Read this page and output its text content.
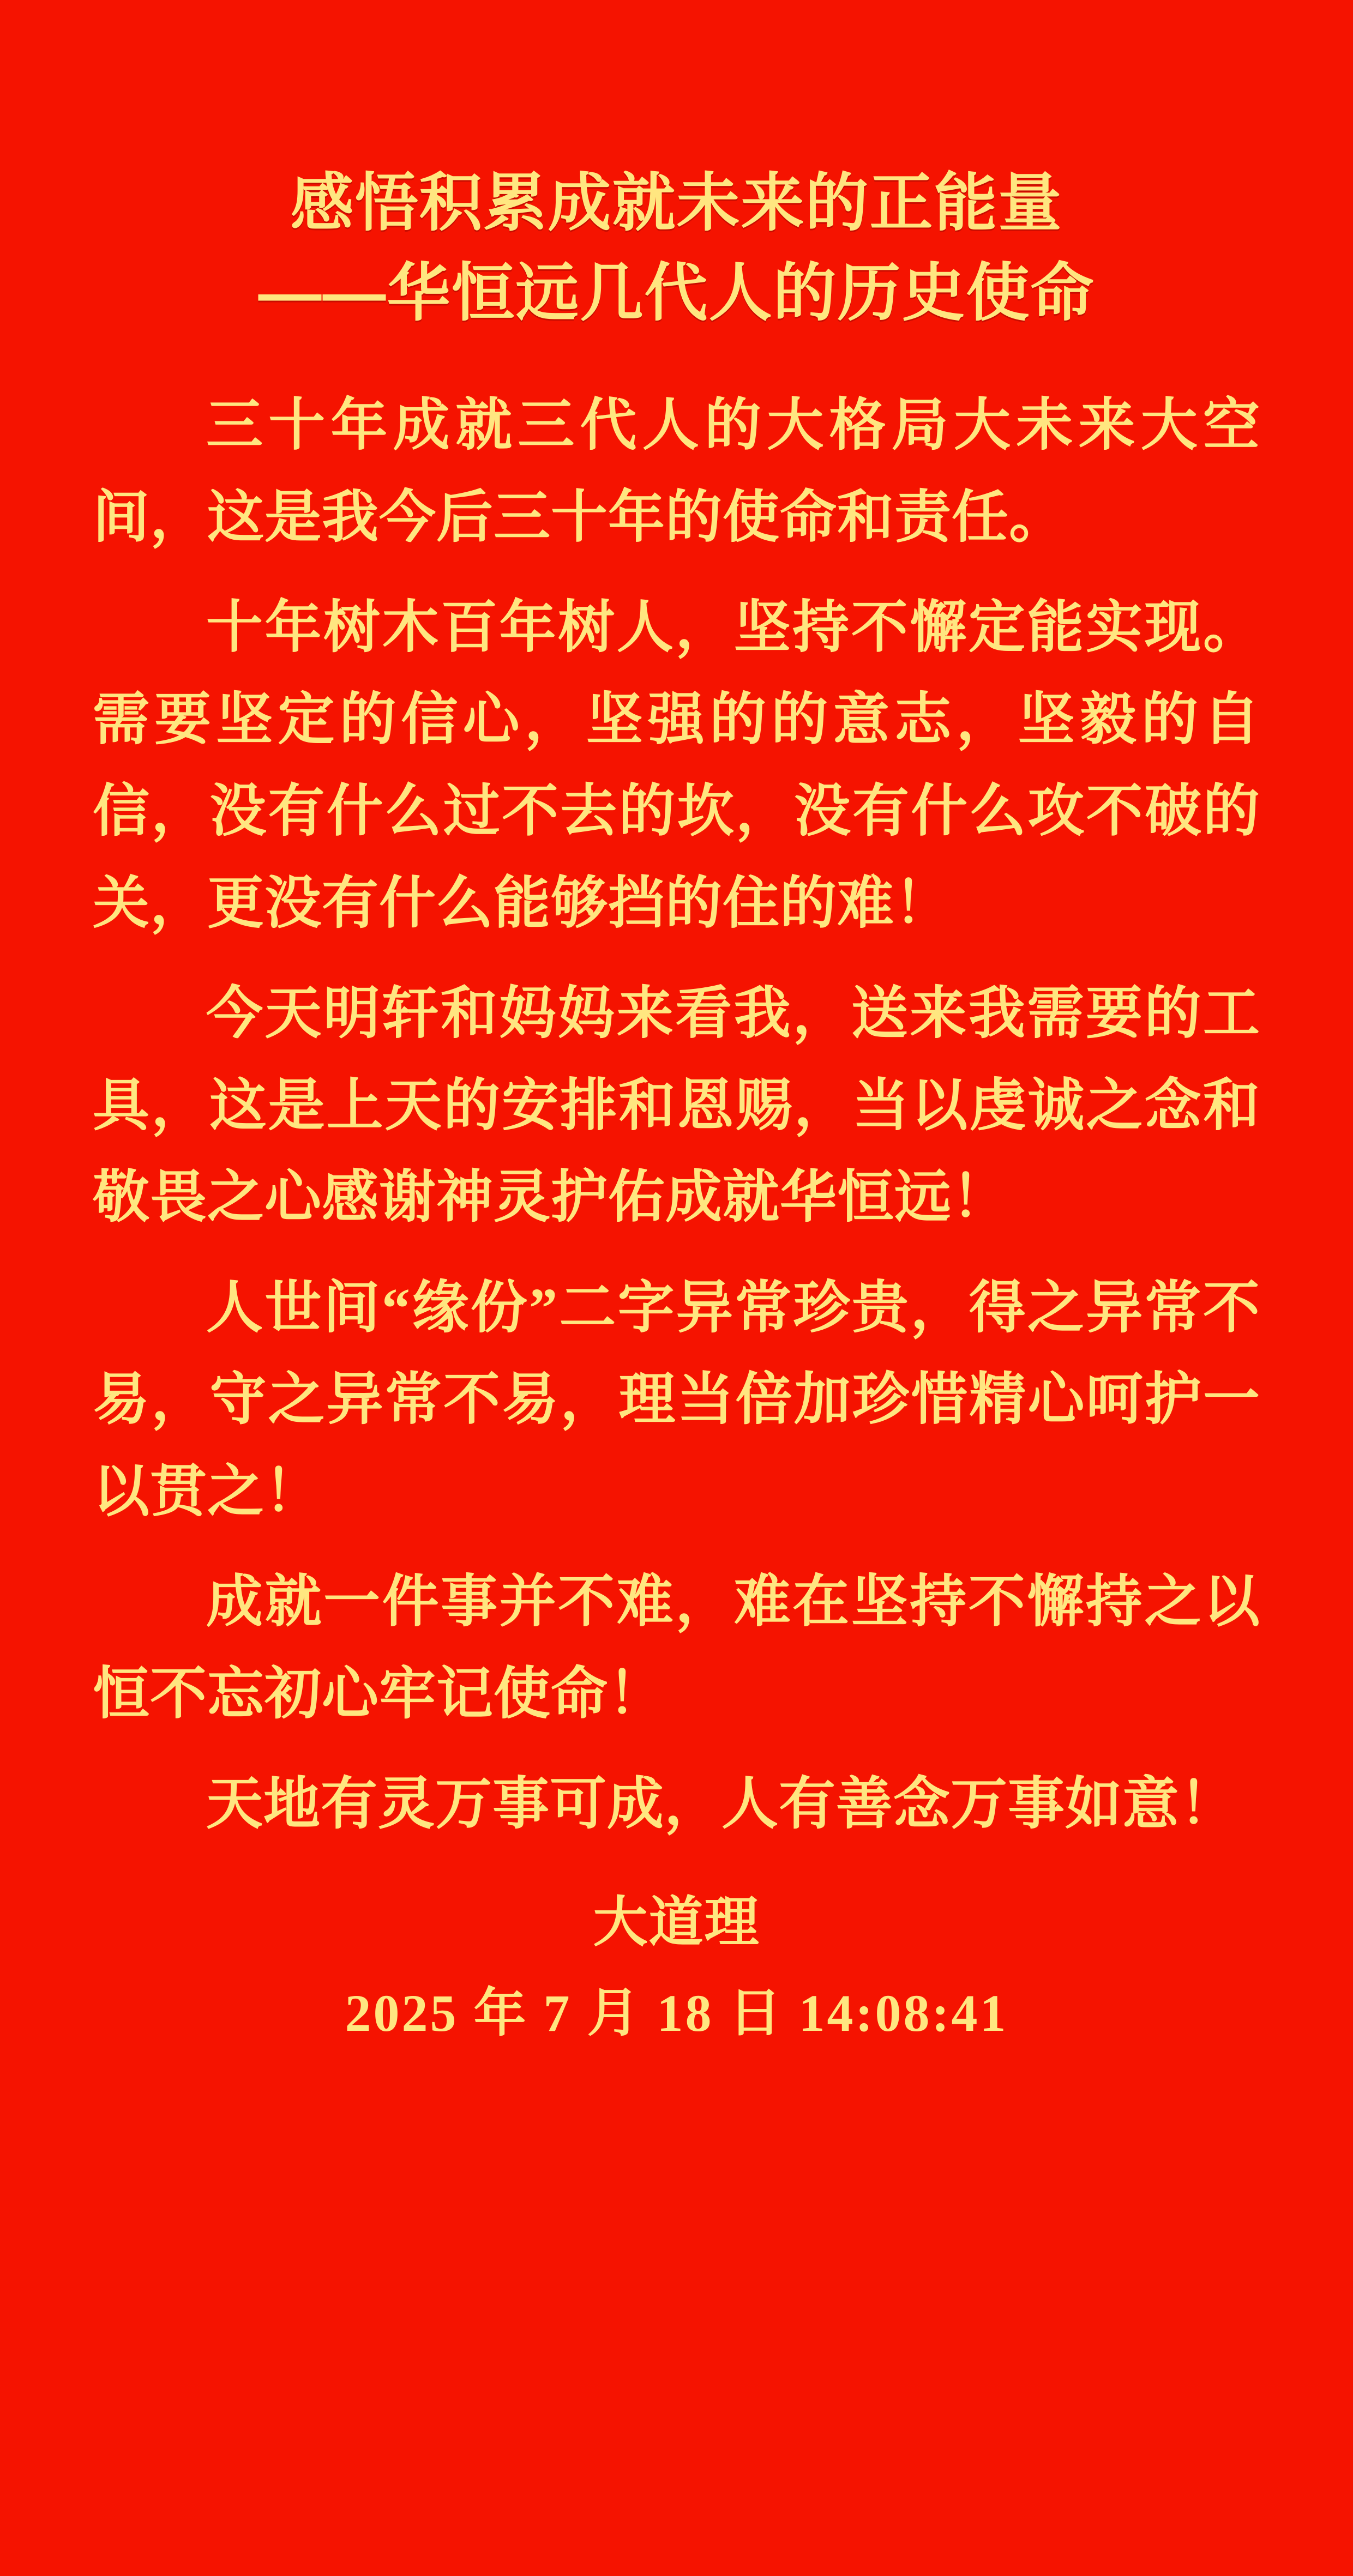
感悟积累成就未来的正能量
——华恒远几代人的历史使命

三十年成就三代人的大格局大未来大空间，这是我今后三十年的使命和责任。

十年树木百年树人，坚持不懈定能实现。需要坚定的信心，坚强的的意志，坚毅的自信，没有什么过不去的坎，没有什么攻不破的关，更没有什么能够挡的住的难！

今天明轩和妈妈来看我，送来我需要的工具，这是上天的安排和恩赐，当以虔诚之念和敬畏之心感谢神灵护佑成就华恒远！

人世间“缘份”二字异常珍贵，得之异常不易，守之异常不易，理当倍加珍惜精心呵护一以贯之！

成就一件事并不难，难在坚持不懈持之以恒不忘初心牢记使命！

天地有灵万事可成，人有善念万事如意！

大道理
2025 年 7 月 18 日 14:08:41
